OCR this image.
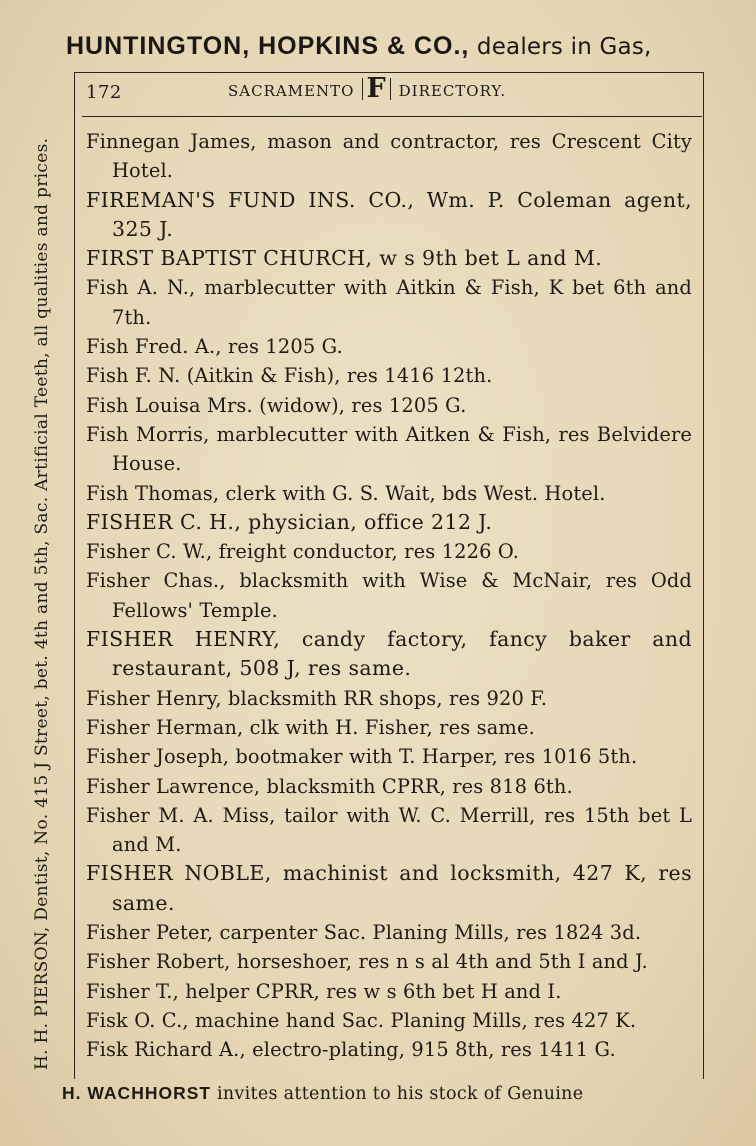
HUNTINGTON, HOPKINS & CO., dealers in Gas,
172	SACRAMENTO F DIRECTORY.
H. H. PIERSON, Dentist, No. 415 J Street, bet. 4th and 5th, Sac. Artificial Teeth, all qualities and prices. Finnegan James, mason and contractor, res Crescent City Hotel.
FIREMAN'S FUND INS. CO., Wm. P. Coleman agent, 325 J.
FIRST BAPTIST CHURCH, w s 9th bet L and M.
Fish A. N., marblecutter with Aitkin & Fish, K bet 6th and 7th.
Fish Fred. A., res 1205 G.
Fish F. N. (Aitkin & Fish), res 1416 12th.
Fish Louisa Mrs. (widow), res 1205 G.
Fish Morris, marblecutter with Aitken & Fish, res Belvidere House.
Fish Thomas, clerk with G. S. Wait, bds West. Hotel.
FISHER C. H., physician, office 212 J.
Fisher C. W., freight conductor, res 1226 O.
Fisher Chas., blacksmith with Wise & McNair, res Odd Fellows' Temple.
FISHER HENRY, candy factory, fancy baker and restaurant, 508 J, res same.
Fisher Henry, blacksmith RR shops, res 920 F.
Fisher Herman, clk with H. Fisher, res same.
Fisher Joseph, bootmaker with T. Harper, res 1016 5th.
Fisher Lawrence, blacksmith CPRR, res 818 6th.
Fisher M. A. Miss, tailor with W. C. Merrill, res 15th bet L and M.
FISHER NOBLE, machinist and locksmith, 427 K, res same.
Fisher Peter, carpenter Sac. Planing Mills, res 1824 3d.
Fisher Robert, horseshoer, res n s al 4th and 5th I and J.
Fisher T., helper CPRR, res w s 6th bet H and I.
Fisk O. C., machine hand Sac. Planing Mills, res 427 K.
Fisk Richard A., electro-plating, 915 8th, res 1411 G.
H. WACHHORST invites attention to his stock of Genuine
